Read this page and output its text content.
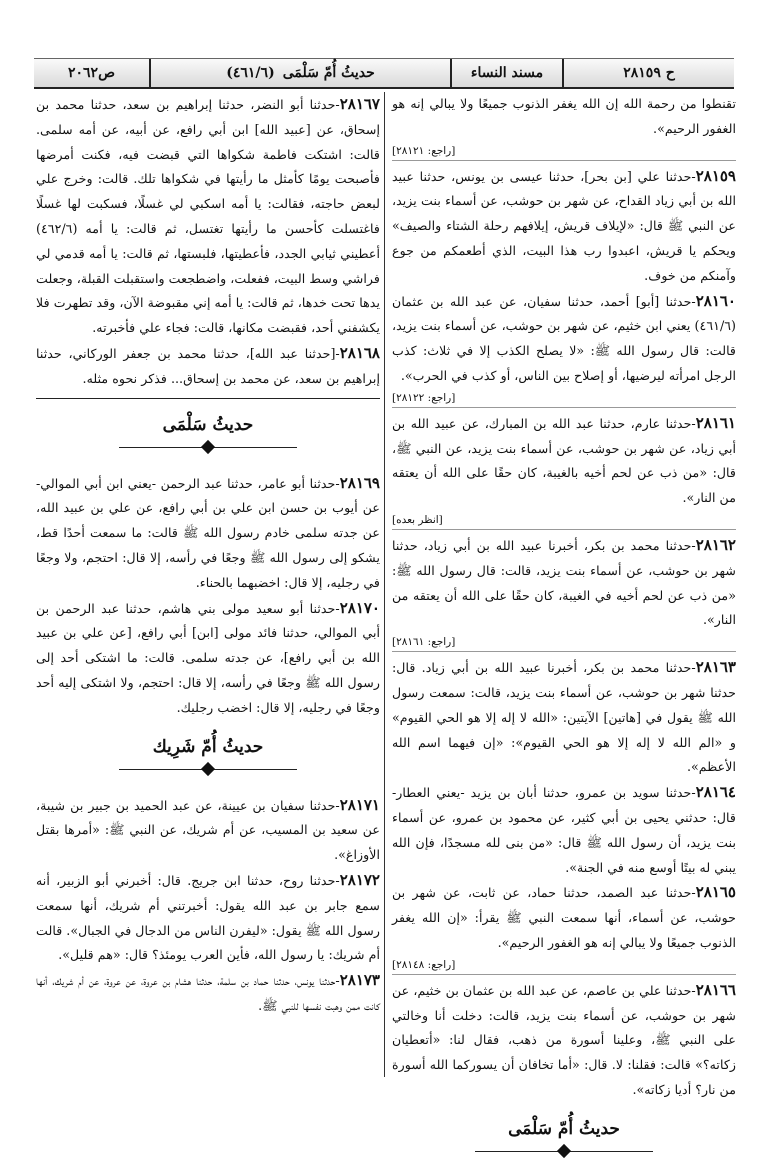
ح ٢٨١٥٩
مسند النساء
حديثُ أُمّ سَلْمَى
(٤٦١/٦)
ص٢٠٦٢
تقنطوا من رحمة الله إن الله يغفر الذنوب جميعًا ولا يبالي إنه هو الغفور الرحيم».
[راجع: ٢٨١٢١]
٢٨١٥٩-حدثنا علي [بن بحر]، حدثنا عيسى بن يونس، حدثنا عبيد الله بن أبي زياد القداح، عن شهر بن حوشب، عن أسماء بنت يزيد، عن النبي ﷺ قال: «لإيلاف قريش، إيلافهم رحلة الشتاء والصيف» ويحكم يا قريش، اعبدوا رب هذا البيت، الذي أطعمكم من جوع وآمنكم من خوف.
٢٨١٦٠-حدثنا [أبو] أحمد، حدثنا سفيان، عن عبد الله بن عثمان (٤٦١/٦) يعني ابن خثيم، عن شهر بن حوشب، عن أسماء بنت يزيد، قالت: قال رسول الله ﷺ: «لا يصلح الكذب إلا في ثلاث: كذب الرجل امرأته ليرضيها، أو إصلاح بين الناس، أو كذب في الحرب».
[راجع: ٢٨١٢٢]
٢٨١٦١-حدثنا عارم، حدثنا عبد الله بن المبارك، عن عبيد الله بن أبي زياد، عن شهر بن حوشب، عن أسماء بنت يزيد، عن النبي ﷺ، قال: «من ذب عن لحم أخيه بالغيبة، كان حقًا على الله أن يعتقه من النار».
[انظر بعده]
٢٨١٦٢-حدثنا محمد بن بكر، أخبرنا عبيد الله بن أبي زياد، حدثنا شهر بن حوشب، عن أسماء بنت يزيد، قالت: قال رسول الله ﷺ: «من ذب عن لحم أخيه في الغيبة، كان حقًا على الله أن يعتقه من النار».
[راجع: ٢٨١٦١]
٢٨١٦٣-حدثنا محمد بن بكر، أخبرنا عبيد الله بن أبي زياد. قال: حدثنا شهر بن حوشب، عن أسماء بنت يزيد، قالت: سمعت رسول الله ﷺ يقول في [هاتين] الآيتين: «الله لا إله إلا هو الحي القيوم» و «الم الله لا إله إلا هو الحي القيوم»: «إن فيهما اسم الله الأعظم».
٢٨١٦٤-حدثنا سويد بن عمرو، حدثنا أبان بن يزيد -يعني العطار- قال: حدثني يحيى بن أبي كثير، عن محمود بن عمرو، عن أسماء بنت يزيد، أن رسول الله ﷺ قال: «من بنى لله مسجدًا، فإن الله يبني له بيتًا أوسع منه في الجنة».
٢٨١٦٥-حدثنا عبد الصمد، حدثنا حماد، عن ثابت، عن شهر بن حوشب، عن أسماء، أنها سمعت النبي ﷺ يقرأ: «إن الله يغفر الذنوب جميعًا ولا يبالي إنه هو الغفور الرحيم».
[راجع: ٢٨١٤٨]
٢٨١٦٦-حدثنا علي بن عاصم، عن عبد الله بن عثمان بن خثيم، عن شهر بن حوشب، عن أسماء بنت يزيد، قالت: دخلت أنا وخالتي على النبي ﷺ، وعلينا أسورة من ذهب، فقال لنا: «أتعطيان زكاته؟» قالت: فقلنا: لا. قال: «أما تخافان أن يسوركما الله أسورة من نار؟ أديا زكاته».
حديثُ أُمّ سَلْمَى
٢٨١٦٧-حدثنا أبو النضر، حدثنا إبراهيم بن سعد، حدثنا محمد بن إسحاق، عن [عبيد الله] ابن أبي رافع، عن أبيه، عن أمه سلمى. قالت: اشتكت فاطمة شكواها التي قبضت فيه، فكنت أمرضها فأصبحت يومًا كأمثل ما رأيتها في شكواها تلك. قالت: وخرج علي لبعض حاجته، فقالت: يا أمه اسكبي لي غسلًا، فسكبت لها غسلًا فاغتسلت كأحسن ما رأيتها تغتسل، ثم قالت: يا أمه (٤٦٢/٦) أعطيني ثيابي الجدد، فأعطيتها، فلبستها، ثم قالت: يا أمه قدمي لي فراشي وسط البيت، ففعلت، واضطجعت واستقبلت القبلة، وجعلت يدها تحت خدها، ثم قالت: يا أمه إني مقبوضة الآن، وقد تطهرت فلا يكشفني أحد، فقبضت مكانها، قالت: فجاء علي فأخبرته.
٢٨١٦٨-[حدثنا عبد الله]، حدثنا محمد بن جعفر الوركاني، حدثنا إبراهيم بن سعد، عن محمد بن إسحاق... فذكر نحوه مثله.
حديثُ سَلْمَى
٢٨١٦٩-حدثنا أبو عامر، حدثنا عبد الرحمن -يعني ابن أبي الموالي- عن أيوب بن حسن ابن علي بن أبي رافع، عن علي بن عبيد الله، عن جدته سلمى خادم رسول الله ﷺ قالت: ما سمعت أحدًا قط، يشكو إلى رسول الله ﷺ وجعًا في رأسه، إلا قال: احتجم، ولا وجعًا في رجليه، إلا قال: اخضبهما بالحناء.
٢٨١٧٠-حدثنا أبو سعيد مولى بني هاشم، حدثنا عبد الرحمن بن أبي الموالي، حدثنا فائد مولى [ابن] أبي رافع، [عن علي بن عبيد الله بن أبي رافع]، عن جدته سلمى. قالت: ما اشتكى أحد إلى رسول الله ﷺ وجعًا في رأسه، إلا قال: احتجم، ولا اشتكى إليه أحد وجعًا في رجليه، إلا قال: اخضب رجليك.
حديثُ أُمّ شَرِيك
٢٨١٧١-حدثنا سفيان بن عيينة، عن عبد الحميد بن جبير بن شيبة، عن سعيد بن المسيب، عن أم شريك، عن النبي ﷺ: «أمرها بقتل الأوزاغ».
٢٨١٧٢-حدثنا روح، حدثنا ابن جريج. قال: أخبرني أبو الزبير، أنه سمع جابر بن عبد الله يقول: أخبرتني أم شريك، أنها سمعت رسول الله ﷺ يقول: «ليفرن الناس من الدجال في الجبال». قالت أم شريك: يا رسول الله، فأين العرب يومئذ؟ قال: «هم قليل».
٢٨١٧٣-حدثنا يونس، حدثنا حماد بن سلمة، حدثنا هشام بن عروة، عن عروة، عن أم شريك، أنها كانت ممن وهبت نفسها للنبي ﷺ.
